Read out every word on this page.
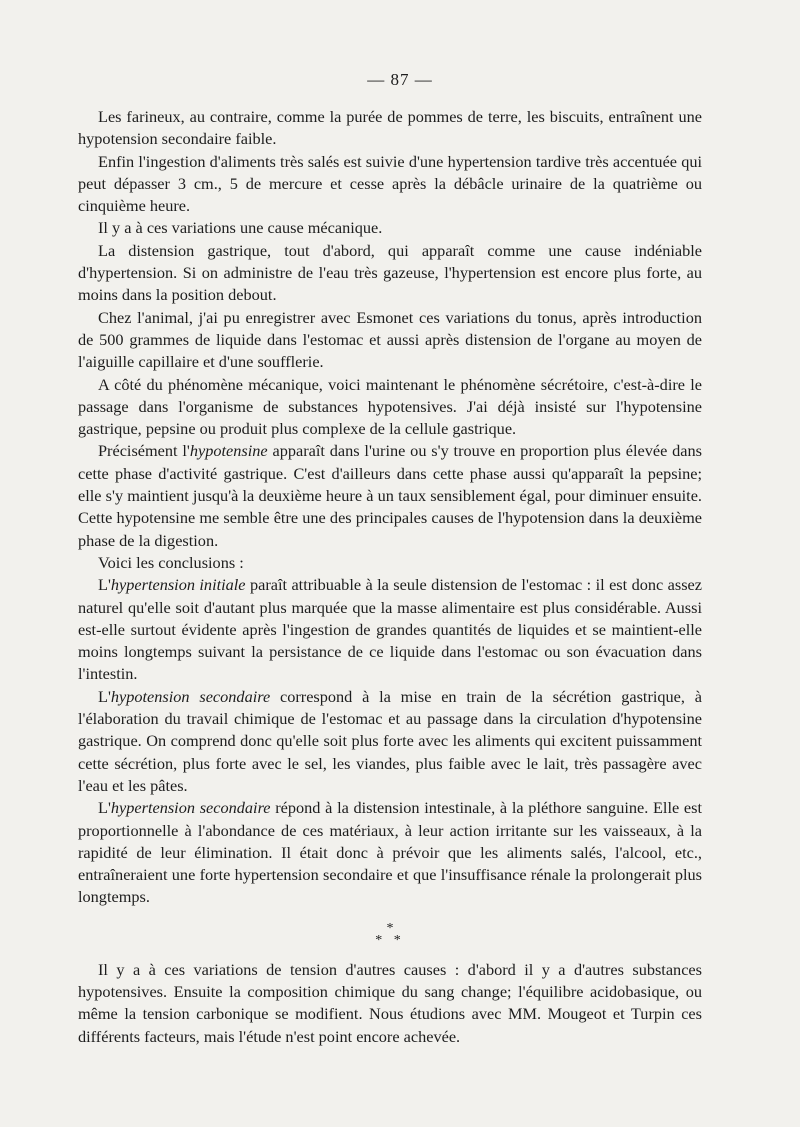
— 87 —

Les farineux, au contraire, comme la purée de pommes de terre, les biscuits, entraînent une hypotension secondaire faible.

Enfin l'ingestion d'aliments très salés est suivie d'une hypertension tardive très accentuée qui peut dépasser 3 cm., 5 de mercure et cesse après la débâcle urinaire de la quatrième ou cinquième heure.

Il y a à ces variations une cause mécanique.

La distension gastrique, tout d'abord, qui apparaît comme une cause indéniable d'hypertension. Si on administre de l'eau très gazeuse, l'hypertension est encore plus forte, au moins dans la position debout.

Chez l'animal, j'ai pu enregistrer avec Esmonet ces variations du tonus, après introduction de 500 grammes de liquide dans l'estomac et aussi après distension de l'organe au moyen de l'aiguille capillaire et d'une soufflerie.

A côté du phénomène mécanique, voici maintenant le phénomène sécrétoire, c'est-à-dire le passage dans l'organisme de substances hypotensives. J'ai déjà insisté sur l'hypotensine gastrique, pepsine ou produit plus complexe de la cellule gastrique.

Précisément l'hypotensine apparaît dans l'urine ou s'y trouve en proportion plus élevée dans cette phase d'activité gastrique. C'est d'ailleurs dans cette phase aussi qu'apparaît la pepsine; elle s'y maintient jusqu'à la deuxième heure à un taux sensiblement égal, pour diminuer ensuite. Cette hypotensine me semble être une des principales causes de l'hypotension dans la deuxième phase de la digestion.

Voici les conclusions :

L'hypertension initiale paraît attribuable à la seule distension de l'estomac : il est donc assez naturel qu'elle soit d'autant plus marquée que la masse alimentaire est plus considérable. Aussi est-elle surtout évidente après l'ingestion de grandes quantités de liquides et se maintient-elle moins longtemps suivant la persistance de ce liquide dans l'estomac ou son évacuation dans l'intestin.

L'hypotension secondaire correspond à la mise en train de la sécrétion gastrique, à l'élaboration du travail chimique de l'estomac et au passage dans la circulation d'hypotensine gastrique. On comprend donc qu'elle soit plus forte avec les aliments qui excitent puissamment cette sécrétion, plus forte avec le sel, les viandes, plus faible avec le lait, très passagère avec l'eau et les pâtes.

L'hypertension secondaire répond à la distension intestinale, à la pléthore sanguine. Elle est proportionnelle à l'abondance de ces matériaux, à leur action irritante sur les vaisseaux, à la rapidité de leur élimination. Il était donc à prévoir que les aliments salés, l'alcool, etc., entraîneraient une forte hypertension secondaire et que l'insuffisance rénale la prolongerait plus longtemps.

*
* *

Il y a à ces variations de tension d'autres causes : d'abord il y a d'autres substances hypotensives. Ensuite la composition chimique du sang change; l'équilibre acidobasique, ou même la tension carbonique se modifient. Nous étudions avec MM. Mougeot et Turpin ces différents facteurs, mais l'étude n'est point encore achevée.
